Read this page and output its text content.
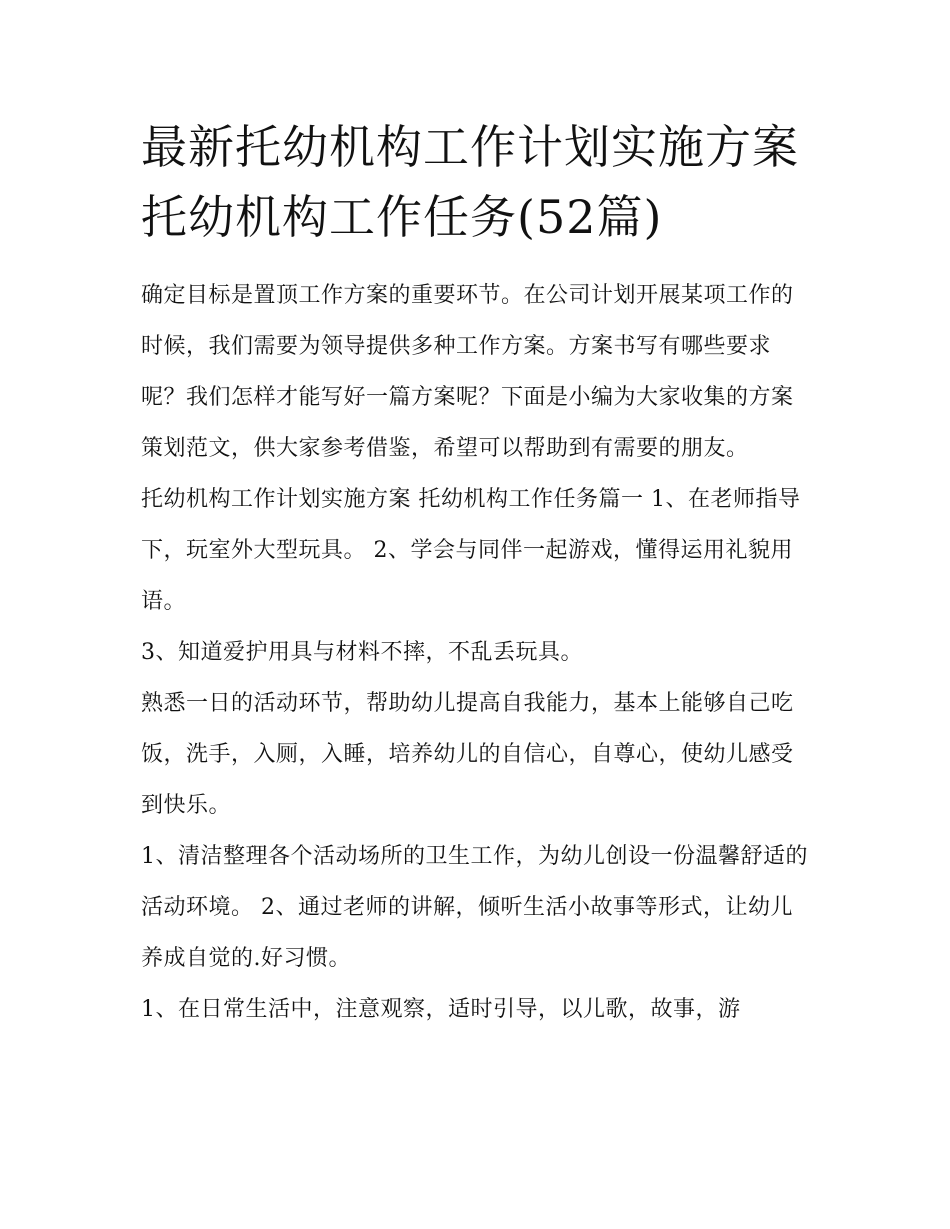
最新托幼机构工作计划实施方案 托幼机构工作任务(52篇)

确定目标是置顶工作方案的重要环节。在公司计划开展某项工作的时候，我们需要为领导提供多种工作方案。方案书写有哪些要求呢？我们怎样才能写好一篇方案呢？下面是小编为大家收集的方案策划范文，供大家参考借鉴，希望可以帮助到有需要的朋友。

托幼机构工作计划实施方案 托幼机构工作任务篇一 1、在老师指导下，玩室外大型玩具。 2、学会与同伴一起游戏，懂得运用礼貌用语。

3、知道爱护用具与材料不摔，不乱丢玩具。

熟悉一日的活动环节，帮助幼儿提高自我能力，基本上能够自己吃饭，洗手，入厕，入睡，培养幼儿的自信心，自尊心，使幼儿感受到快乐。

1、清洁整理各个活动场所的卫生工作，为幼儿创设一份温馨舒适的活动环境。 2、通过老师的讲解，倾听生活小故事等形式，让幼儿养成自觉的.好习惯。

1、在日常生活中，注意观察，适时引导，以儿歌，故事，游
